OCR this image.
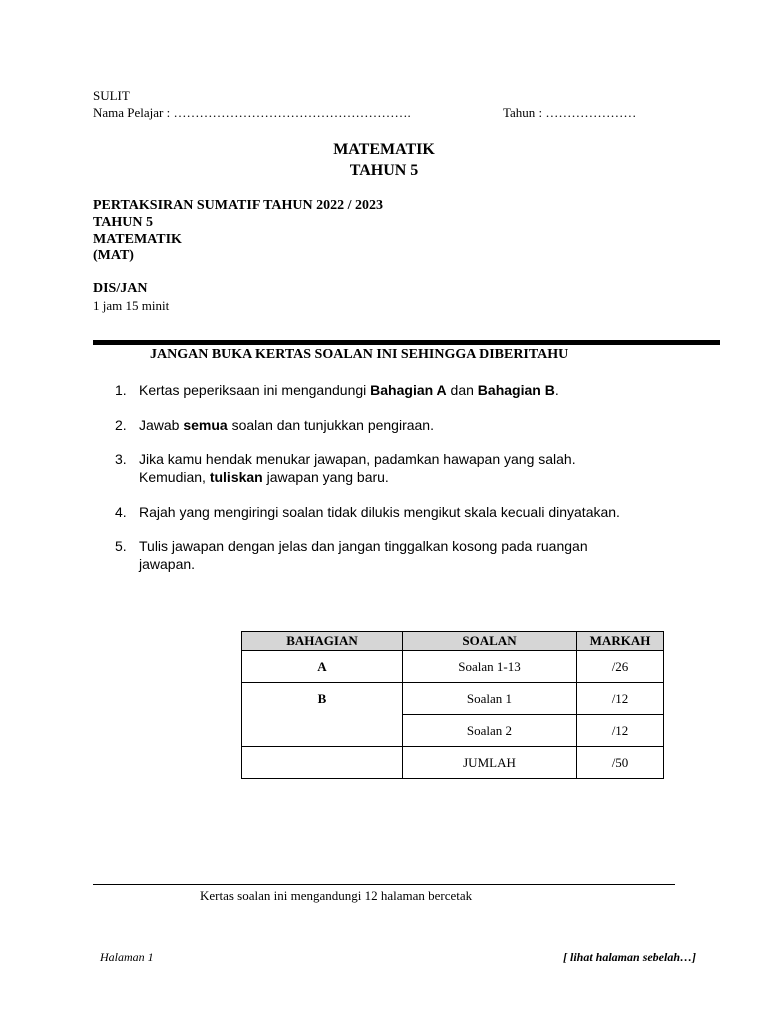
SULIT
Nama Pelajar : ……………………………………………….	Tahun : …………………
MATEMATIK
TAHUN 5
PERTAKSIRAN SUMATIF TAHUN 2022 / 2023
TAHUN 5
MATEMATIK
(MAT)
DIS/JAN
1 jam 15 minit
JANGAN BUKA KERTAS SOALAN INI SEHINGGA DIBERITAHU
1. Kertas peperiksaan ini mengandungi Bahagian A dan Bahagian B.
2. Jawab semua soalan dan tunjukkan pengiraan.
3. Jika kamu hendak menukar jawapan, padamkan hawapan yang salah.
Kemudian, tuliskan jawapan yang baru.
4. Rajah yang mengiringi soalan tidak dilukis mengikut skala kecuali dinyatakan.
5. Tulis jawapan dengan jelas dan jangan tinggalkan kosong pada ruangan
jawapan.
BAHAGIAN	SOALAN	MARKAH
A	Soalan 1-13	/26
B	Soalan 1	/12
	Soalan 2	/12
	JUMLAH	/50
Kertas soalan ini mengandungi 12 halaman bercetak
Halaman 1	[ lihat halaman sebelah…]
